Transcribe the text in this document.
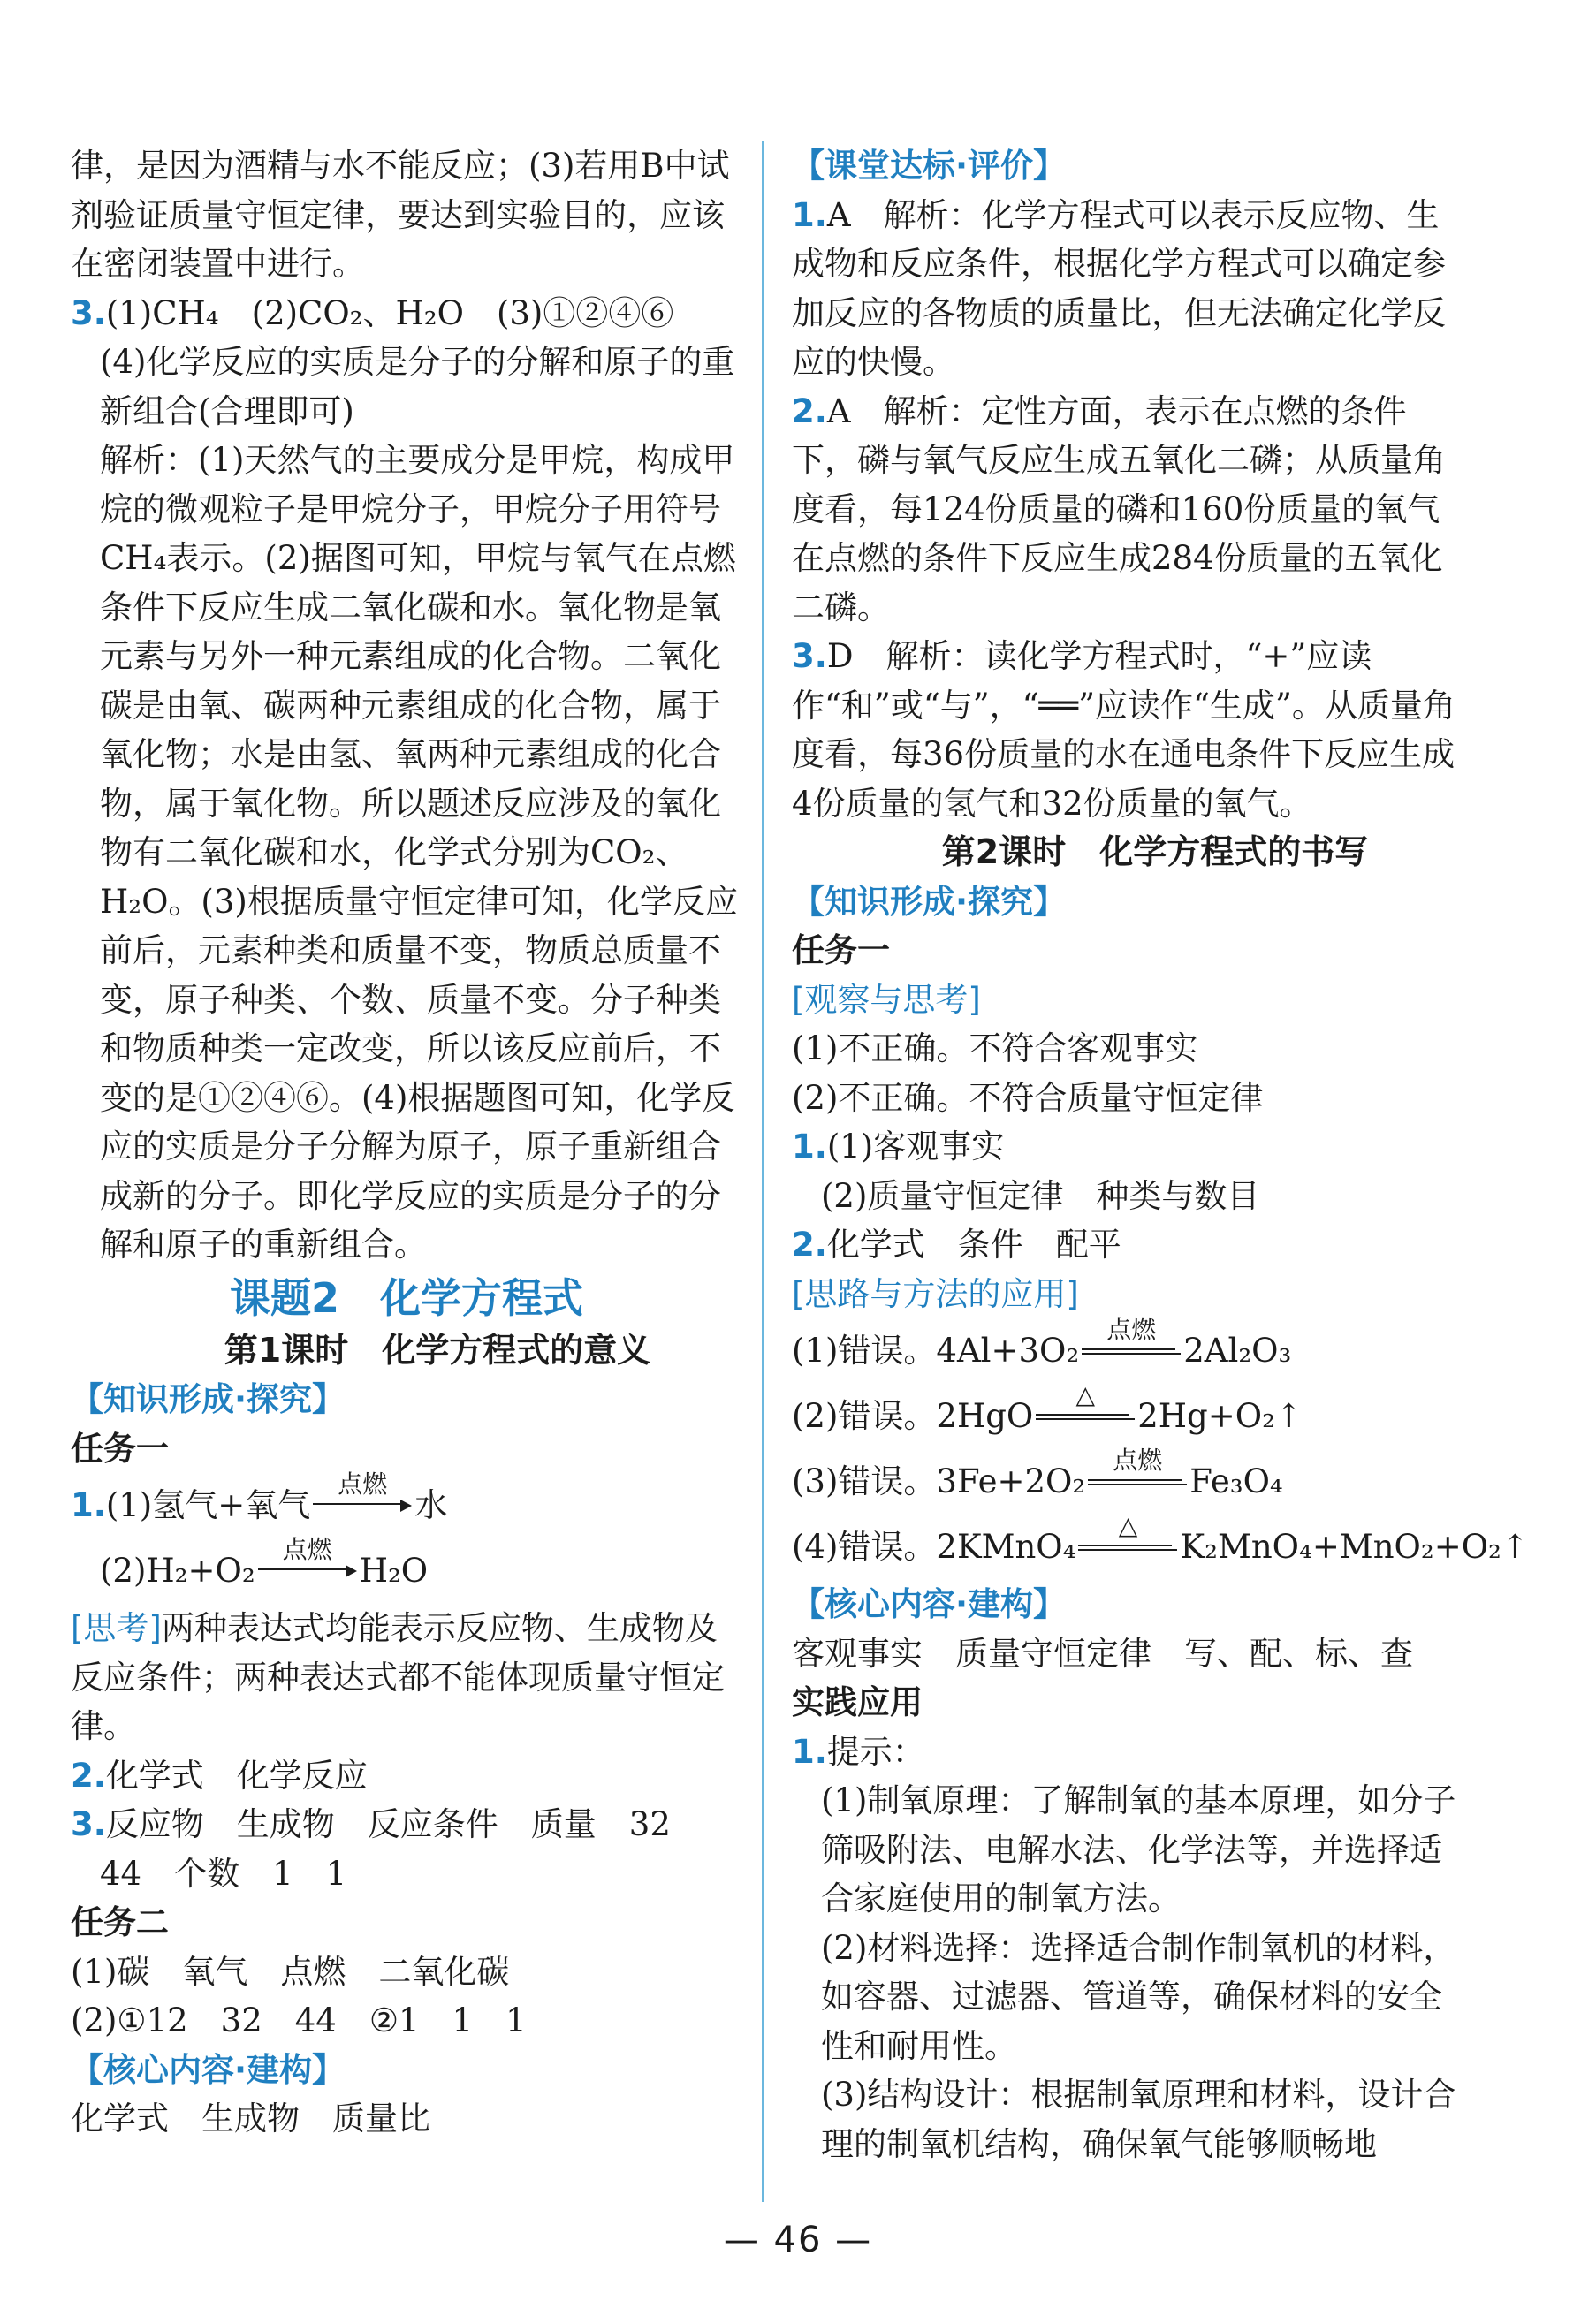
律，是因为酒精与水不能反应；(3)若用B中试剂验证质量守恒定律，要达到实验目的，应该在密闭装置中进行。

3.(1)CH₄　(2)CO₂、H₂O　(3)①②④⑥

(4)化学反应的实质是分子的分解和原子的重新组合(合理即可)

解析：(1)天然气的主要成分是甲烷，构成甲烷的微观粒子是甲烷分子，甲烷分子用符号CH₄表示。(2)据图可知，甲烷与氧气在点燃条件下反应生成二氧化碳和水。氧化物是氧元素与另外一种元素组成的化合物。二氧化碳是由氧、碳两种元素组成的化合物，属于氧化物；水是由氢、氧两种元素组成的化合物，属于氧化物。所以题述反应涉及的氧化物有二氧化碳和水，化学式分别为CO₂、H₂O。(3)根据质量守恒定律可知，化学反应前后，元素种类和质量不变，物质总质量不变，原子种类、个数、质量不变。分子种类和物质种类一定改变，所以该反应前后，不变的是①②④⑥。(4)根据题图可知，化学反应的实质是分子分解为原子，原子重新组合成新的分子。即化学反应的实质是分子的分解和原子的重新组合。

课题2　化学方程式

第1课时　化学方程式的意义

【知识形成·探究】

任务一

1.(1)氢气+氧气
点燃
水

(2)H₂+O₂
点燃
H₂O

[思考]两种表达式均能表示反应物、生成物及反应条件；两种表达式都不能体现质量守恒定律。

2.化学式　化学反应

3.反应物　生成物　反应条件　质量　32

44　个数　1　1

任务二

(1)碳　氧气　点燃　二氧化碳

(2)①12　32　44　②1　1　1

【核心内容·建构】

化学式　生成物　质量比

【课堂达标·评价】

1.A　解析：化学方程式可以表示反应物、生成物和反应条件，根据化学方程式可以确定参加反应的各物质的质量比，但无法确定化学反应的快慢。

2.A　解析：定性方面，表示在点燃的条件下，磷与氧气反应生成五氧化二磷；从质量角度看，每124份质量的磷和160份质量的氧气在点燃的条件下反应生成284份质量的五氧化二磷。

3.D　解析：读化学方程式时，“+”应读作“和”或“与”，“══”应读作“生成”。从质量角度看，每36份质量的水在通电条件下反应生成4份质量的氢气和32份质量的氧气。

第2课时　化学方程式的书写

【知识形成·探究】

任务一

[观察与思考]

(1)不正确。不符合客观事实

(2)不正确。不符合质量守恒定律

1.(1)客观事实

(2)质量守恒定律　种类与数目

2.化学式　条件　配平

[思路与方法的应用]

(1)错误。4Al+3O₂
点燃
2Al₂O₃

(2)错误。2HgO
△
2Hg+O₂↑

(3)错误。3Fe+2O₂
点燃
Fe₃O₄

(4)错误。2KMnO₄
△
K₂MnO₄+MnO₂+O₂↑

【核心内容·建构】

客观事实　质量守恒定律　写、配、标、查

实践应用

1.提示：

(1)制氧原理：了解制氧的基本原理，如分子筛吸附法、电解水法、化学法等，并选择适合家庭使用的制氧方法。

(2)材料选择：选择适合制作制氧机的材料，如容器、过滤器、管道等，确保材料的安全性和耐用性。

(3)结构设计：根据制氧原理和材料，设计合理的制氧机结构，确保氧气能够顺畅地

— 46 —
